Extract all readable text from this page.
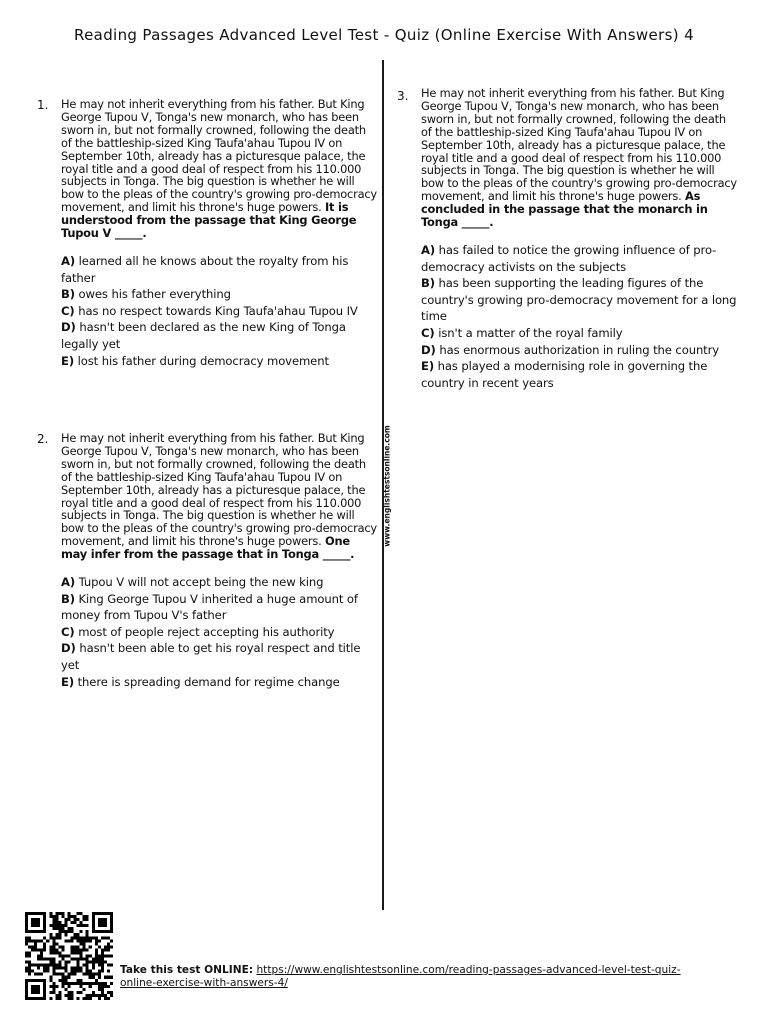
Reading Passages Advanced Level Test - Quiz (Online Exercise With Answers) 4
www.englishtestsonline.com
1. He may not inherit everything from his father. But King George Tupou V, Tonga's new monarch, who has been sworn in, but not formally crowned, following the death of the battleship-sized King Taufa'ahau Tupou IV on September 10th, already has a picturesque palace, the royal title and a good deal of respect from his 110.000 subjects in Tonga. The big question is whether he will bow to the pleas of the country's growing pro-democracy movement, and limit his throne's huge powers. It is understood from the passage that King George Tupou V _____.

A) learned all he knows about the royalty from his father
B) owes his father everything
C) has no respect towards King Taufa'ahau Tupou IV
D) hasn't been declared as the new King of Tonga legally yet
E) lost his father during democracy movement
2. He may not inherit everything from his father. But King George Tupou V, Tonga's new monarch, who has been sworn in, but not formally crowned, following the death of the battleship-sized King Taufa'ahau Tupou IV on September 10th, already has a picturesque palace, the royal title and a good deal of respect from his 110.000 subjects in Tonga. The big question is whether he will bow to the pleas of the country's growing pro-democracy movement, and limit his throne's huge powers. One may infer from the passage that in Tonga _____.

A) Tupou V will not accept being the new king
B) King George Tupou V inherited a huge amount of money from Tupou V's father
C) most of people reject accepting his authority
D) hasn't been able to get his royal respect and title yet
E) there is spreading demand for regime change
3. He may not inherit everything from his father. But King George Tupou V, Tonga's new monarch, who has been sworn in, but not formally crowned, following the death of the battleship-sized King Taufa'ahau Tupou IV on September 10th, already has a picturesque palace, the royal title and a good deal of respect from his 110.000 subjects in Tonga. The big question is whether he will bow to the pleas of the country's growing pro-democracy movement, and limit his throne's huge powers. As concluded in the passage that the monarch in Tonga _____.

A) has failed to notice the growing influence of pro-democracy activists on the subjects
B) has been supporting the leading figures of the country's growing pro-democracy movement for a long time
C) isn't a matter of the royal family
D) has enormous authorization in ruling the country
E) has played a modernising role in governing the country in recent years
Take this test ONLINE: https://www.englishtestsonline.com/reading-passages-advanced-level-test-quiz-online-exercise-with-answers-4/
